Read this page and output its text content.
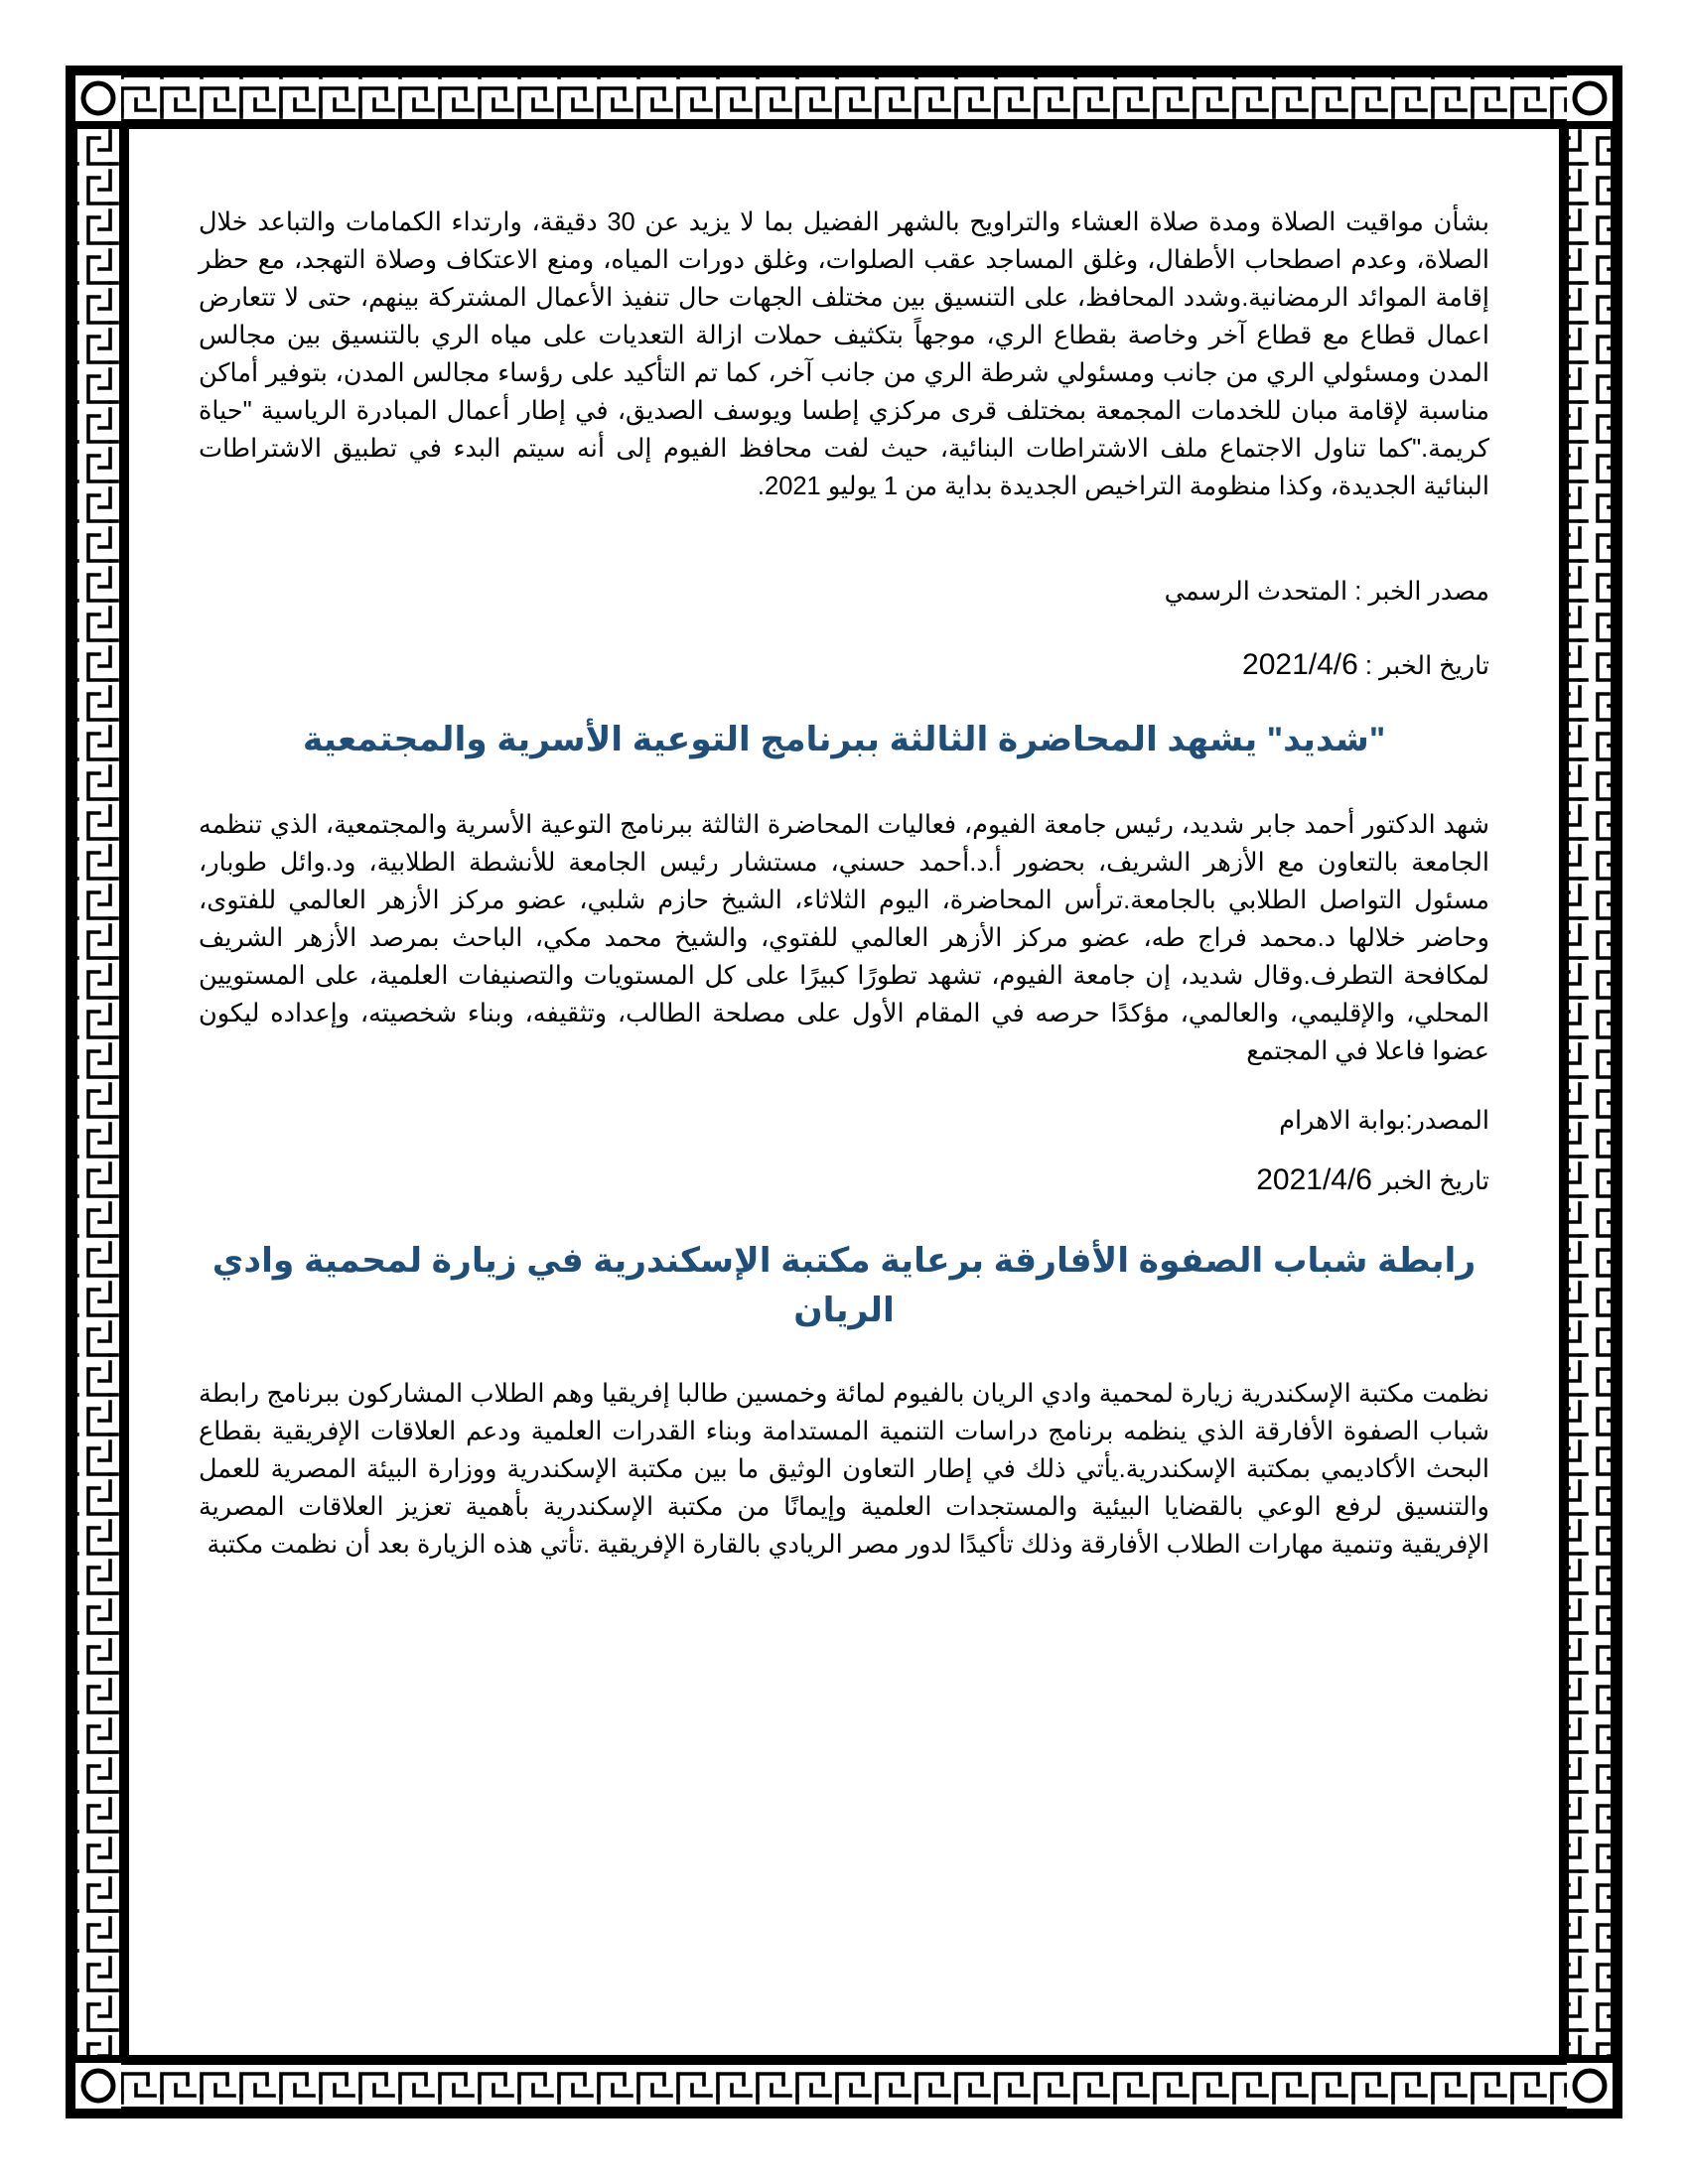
بشأن مواقيت الصلاة ومدة صلاة العشاء والتراويح بالشهر الفضيل بما لا يزيد عن 30 دقيقة، وارتداء الكمامات والتباعد خلال الصلاة، وعدم اصطحاب الأطفال، وغلق المساجد عقب الصلوات، وغلق دورات المياه، ومنع الاعتكاف وصلاة التهجد، مع حظر إقامة الموائد الرمضانية.وشدد المحافظ، على التنسيق بين مختلف الجهات حال تنفيذ الأعمال المشتركة بينهم، حتى لا تتعارض اعمال قطاع مع قطاع آخر وخاصة بقطاع الري، موجهاً بتكثيف حملات ازالة التعديات على مياه الري بالتنسيق بين مجالس المدن ومسئولي الري من جانب ومسئولي شرطة الري من جانب آخر، كما تم التأكيد على رؤساء مجالس المدن، بتوفير أماكن مناسبة لإقامة مبان للخدمات المجمعة بمختلف قرى مركزي إطسا ويوسف الصديق، في إطار أعمال المبادرة الرياسية "حياة كريمة."كما تناول الاجتماع ملف الاشتراطات البنائية، حيث لفت محافظ الفيوم إلى أنه سيتم البدء في تطبيق الاشتراطات البنائية الجديدة، وكذا منظومة التراخيص الجديدة بداية من 1 يوليو 2021.

مصدر الخبر : المتحدث الرسمي

تاريخ الخبر : 2021/4/6

"شديد" يشهد المحاضرة الثالثة ببرنامج التوعية الأسرية والمجتمعية

شهد الدكتور أحمد جابر شديد، رئيس جامعة الفيوم، فعاليات المحاضرة الثالثة ببرنامج التوعية الأسرية والمجتمعية، الذي تنظمه الجامعة بالتعاون مع الأزهر الشريف، بحضور أ.د.أحمد حسني، مستشار رئيس الجامعة للأنشطة الطلابية، ود.وائل طوبار، مسئول التواصل الطلابي بالجامعة.ترأس المحاضرة، اليوم الثلاثاء، الشيخ حازم شلبي، عضو مركز الأزهر العالمي للفتوى، وحاضر خلالها د.محمد فراج طه، عضو مركز الأزهر العالمي للفتوي، والشيخ محمد مكي، الباحث بمرصد الأزهر الشريف لمكافحة التطرف.وقال شديد، إن جامعة الفيوم، تشهد تطورًا كبيرًا على كل المستويات والتصنيفات العلمية، على المستويين المحلي، والإقليمي، والعالمي، مؤكدًا حرصه في المقام الأول على مصلحة الطالب، وتثقيفه، وبناء شخصيته، وإعداده ليكون عضوا فاعلا في المجتمع

المصدر:بوابة الاهرام

تاريخ الخبر 2021/4/6

رابطة شباب الصفوة الأفارقة برعاية مكتبة الإسكندرية في زيارة لمحمية وادي الريان

نظمت مكتبة الإسكندرية زيارة لمحمية وادي الريان بالفيوم لمائة وخمسين طالبا إفريقيا وهم الطلاب المشاركون ببرنامج رابطة شباب الصفوة الأفارقة الذي ينظمه برنامج دراسات التنمية المستدامة وبناء القدرات العلمية ودعم العلاقات الإفريقية بقطاع البحث الأكاديمي بمكتبة الإسكندرية.يأتي ذلك في إطار التعاون الوثيق ما بين مكتبة الإسكندرية ووزارة البيئة المصرية للعمل والتنسيق لرفع الوعي بالقضايا البيئية والمستجدات العلمية وإيمانًا من مكتبة الإسكندرية بأهمية تعزيز العلاقات المصرية الإفريقية وتنمية مهارات الطلاب الأفارقة وذلك تأكيدًا لدور مصر الريادي بالقارة الإفريقية .تأتي هذه الزيارة بعد أن نظمت مكتبة
